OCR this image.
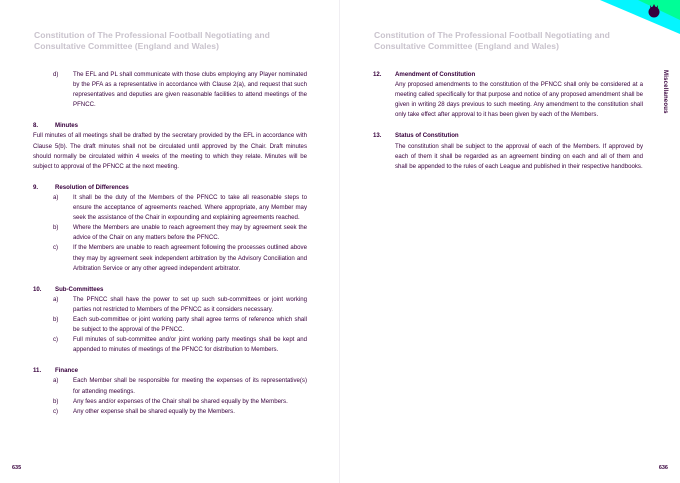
Constitution of The Professional Football Negotiating and
Consultative Committee (England and Wales)

d) The EFL and PL shall communicate with those clubs employing any Player nominated by the PFA as a representative in accordance with Clause 2(a), and request that such representatives and deputies are given reasonable facilities to attend meetings of the PFNCC.
8.	Minutes
Full minutes of all meetings shall be drafted by the secretary provided by the EFL in accordance with Clause 5(b). The draft minutes shall not be circulated until approved by the Chair. Draft minutes should normally be circulated within 4 weeks of the meeting to which they relate. Minutes will be subject to approval of the PFNCC at the next meeting.
9.	Resolution of Differences
a) It shall be the duty of the Members of the PFNCC to take all reasonable steps to ensure the acceptance of agreements reached. Where appropriate, any Member may seek the assistance of the Chair in expounding and explaining agreements reached.
b) Where the Members are unable to reach agreement they may by agreement seek the advice of the Chair on any matters before the PFNCC.
c) If the Members are unable to reach agreement following the processes outlined above they may by agreement seek independent arbitration by the Advisory Conciliation and Arbitration Service or any other agreed independent arbitrator.
10. Sub-Committees
a) The PFNCC shall have the power to set up such sub-committees or joint working parties not restricted to Members of the PFNCC as it considers necessary.
b) Each sub-committee or joint working party shall agree terms of reference which shall be subject to the approval of the PFNCC.
c) Full minutes of sub-committee and/or joint working party meetings shall be kept and appended to minutes of meetings of the PFNCC for distribution to Members.
11. Finance
a) Each Member shall be responsible for meeting the expenses of its representative(s) for attending meetings.
b) Any fees and/or expenses of the Chair shall be shared equally by the Members.
c) Any other expense shall be shared equally by the Members.
635

Constitution of The Professional Football Negotiating and
Consultative Committee (England and Wales)

12. Amendment of Constitution
Any proposed amendments to the constitution of the PFNCC shall only be considered at a meeting called specifically for that purpose and notice of any proposed amendment shall be given in writing 28 days previous to such meeting. Any amendment to the constitution shall only take effect after approval to it has been given by each of the Members.
13. Status of Constitution
The constitution shall be subject to the approval of each of the Members. If approved by each of them it shall be regarded as an agreement binding on each and all of them and shall be appended to the rules of each League and published in their respective handbooks.
Miscellaneous
636
